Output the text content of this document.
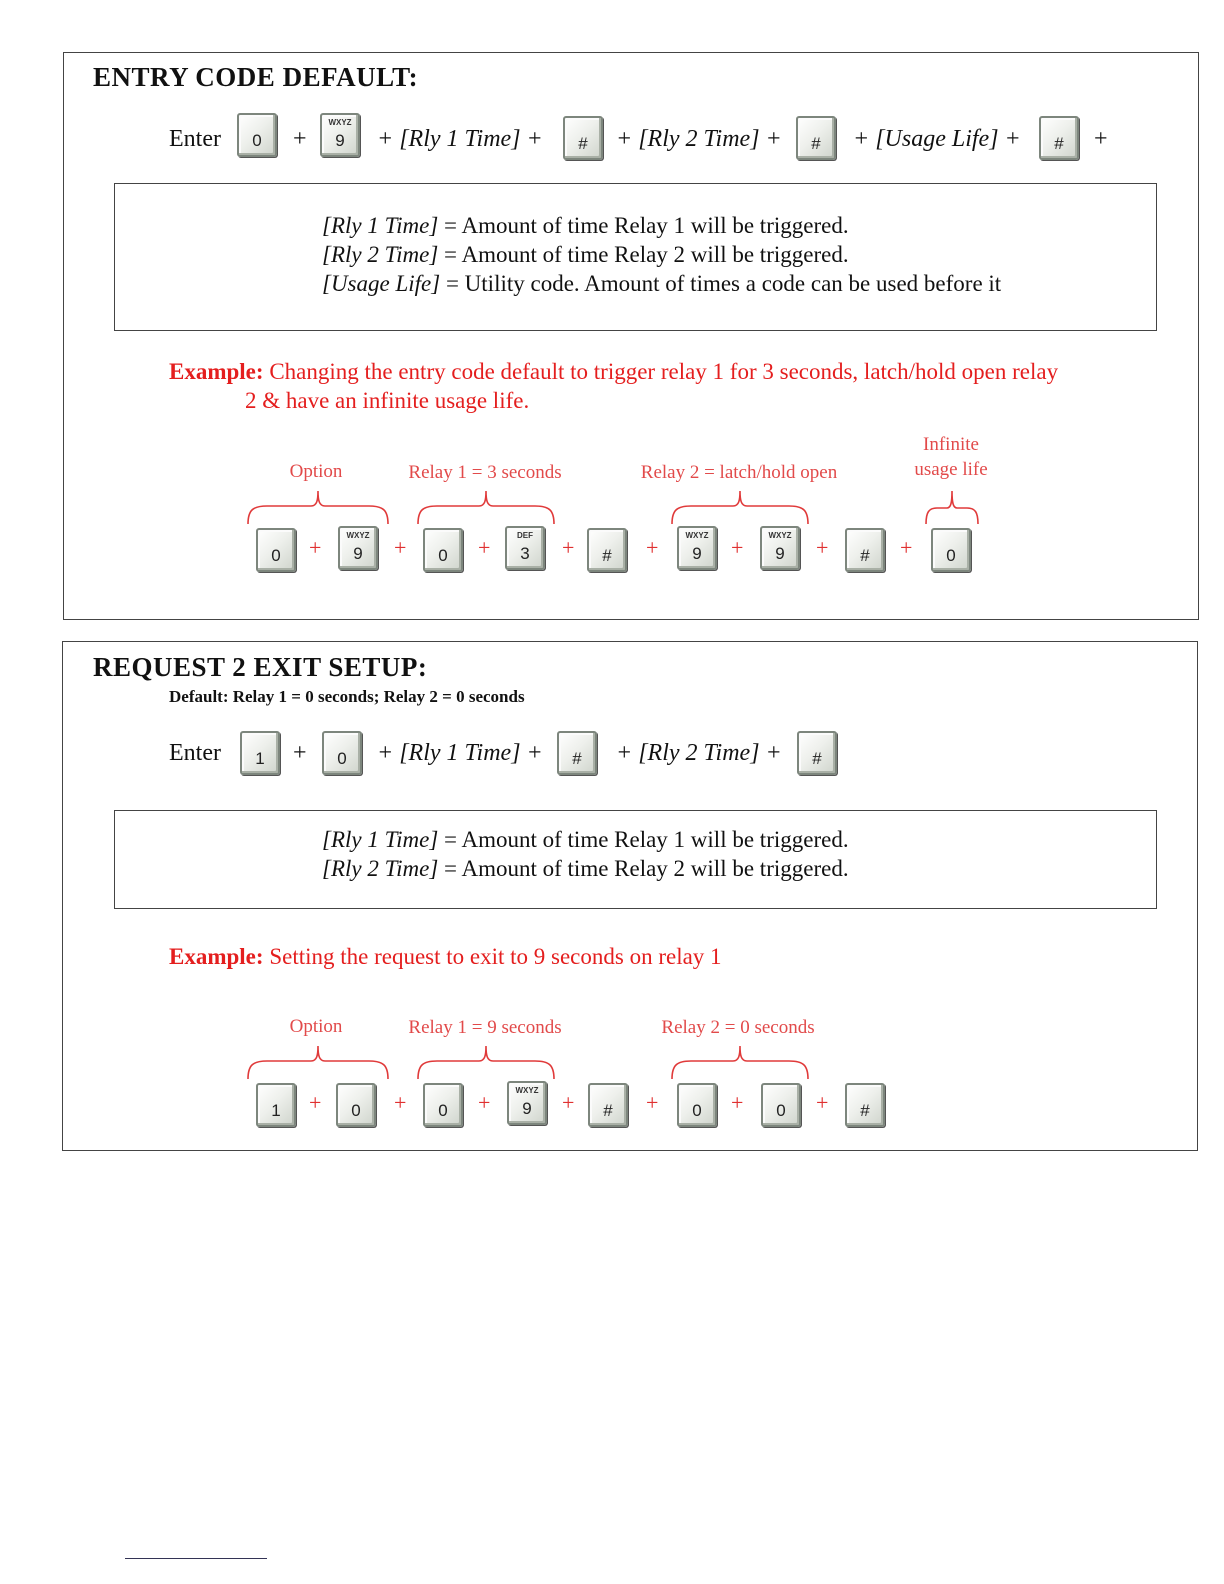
ENTRY CODE DEFAULT:
Enter	0	+
WXYZ
9	+ [Rly 1 Time] +	#	+ [Rly 2 Time] +	#	+ [Usage Life] +	#	+
[Rly 1 Time] = Amount of time Relay 1 will be triggered.
[Rly 2 Time] = Amount of time Relay 2 will be triggered.
[Usage Life] = Utility code. Amount of times a code can be used before it
Example: Changing the entry code default to trigger relay 1 for 3 seconds, latch/hold open relay
2 & have an infinite usage life.
Option	Relay 1 = 3 seconds	Relay 2 = latch/hold open
Infinite
usage life
0	+	WXYZ
9	+	0	+	DEF
3	+	#	+	WXYZ
9	+	WXYZ
9	+	#	+	0
REQUEST 2 EXIT SETUP:
Default: Relay 1 = 0 seconds; Relay 2 = 0 seconds
Enter	1	+	0	+ [Rly 1 Time] +	#	+ [Rly 2 Time] +	#
[Rly 1 Time] = Amount of time Relay 1 will be triggered.
[Rly 2 Time] = Amount of time Relay 2 will be triggered.
Example: Setting the request to exit to 9 seconds on relay 1
Option	Relay 1 = 9 seconds	Relay 2 = 0 seconds
1	+	0	+	0	+	WXYZ
9	+	#	+	0	+	0	+	#
